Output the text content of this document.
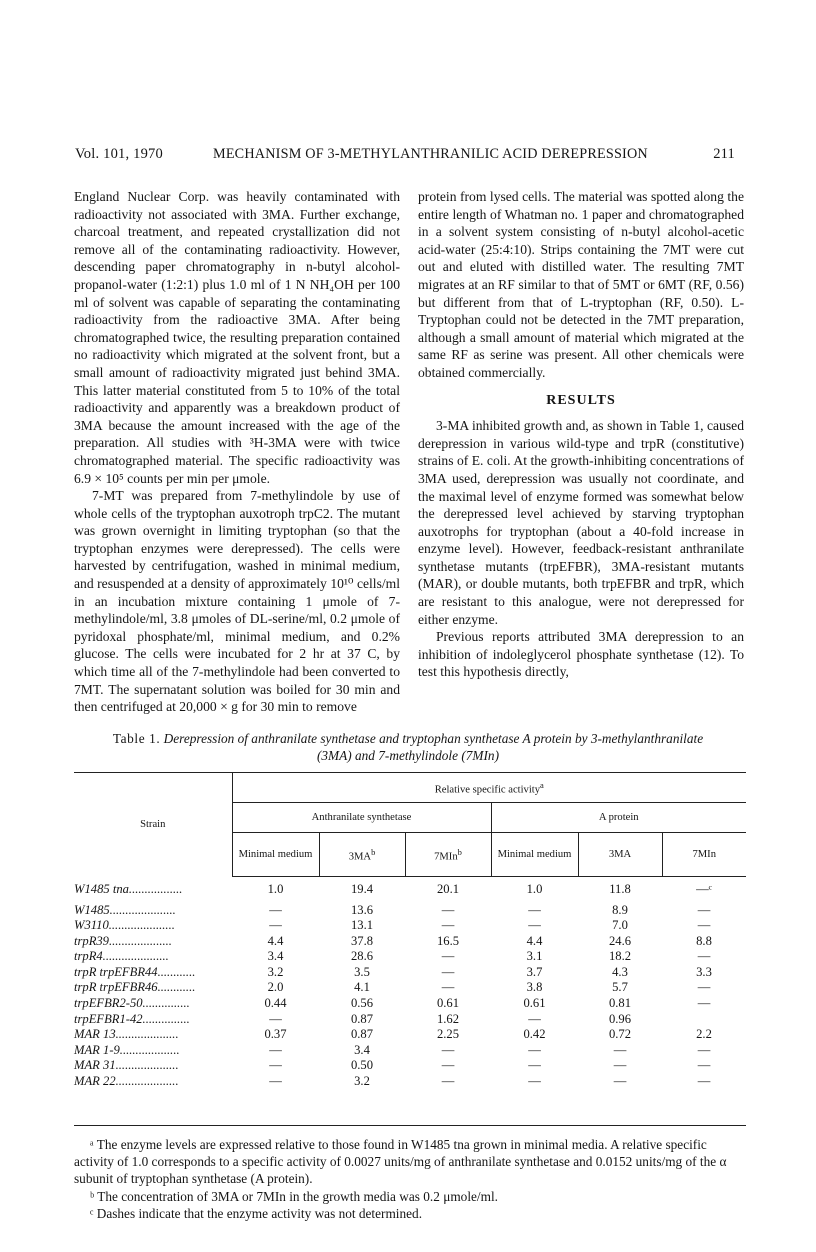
Vol. 101, 1970	MECHANISM OF 3-METHYLANTHRANILIC ACID DEREPRESSION	211

England Nuclear Corp. was heavily contaminated with radioactivity not associated with 3MA. Further exchange, charcoal treatment, and repeated crystallization did not remove all of the contaminating radioactivity. However, descending paper chromatography in n-butyl alcohol-propanol-water (1:2:1) plus 1.0 ml of 1 N NH₄OH per 100 ml of solvent was capable of separating the contaminating radioactivity from the radioactive 3MA. After being chromatographed twice, the resulting preparation contained no radioactivity which migrated at the solvent front, but a small amount of radioactivity migrated just behind 3MA. This latter material constituted from 5 to 10% of the total radioactivity and apparently was a breakdown product of 3MA because the amount increased with the age of the preparation. All studies with ³H-3MA were with twice chromatographed material. The specific radioactivity was 6.9 × 10⁵ counts per min per μmole.

7-MT was prepared from 7-methylindole by use of whole cells of the tryptophan auxotroph trpC2. The mutant was grown overnight in limiting tryptophan (so that the tryptophan enzymes were derepressed). The cells were harvested by centrifugation, washed in minimal medium, and resuspended at a density of approximately 10¹⁰ cells/ml in an incubation mixture containing 1 μmole of 7-methylindole/ml, 3.8 μmoles of DL-serine/ml, 0.2 μmole of pyridoxal phosphate/ml, minimal medium, and 0.2% glucose. The cells were incubated for 2 hr at 37 C, by which time all of the 7-methylindole had been converted to 7MT. The supernatant solution was boiled for 30 min and then centrifuged at 20,000 × g for 30 min to remove

protein from lysed cells. The material was spotted along the entire length of Whatman no. 1 paper and chromatographed in a solvent system consisting of n-butyl alcohol-acetic acid-water (25:4:10). Strips containing the 7MT were cut out and eluted with distilled water. The resulting 7MT migrates at an RF similar to that of 5MT or 6MT (RF, 0.56) but different from that of L-tryptophan (RF, 0.50). L-Tryptophan could not be detected in the 7MT preparation, although a small amount of material which migrated at the same RF as serine was present. All other chemicals were obtained commercially.

RESULTS

3-MA inhibited growth and, as shown in Table 1, caused derepression in various wild-type and trpR (constitutive) strains of E. coli. At the growth-inhibiting concentrations of 3MA used, derepression was usually not coordinate, and the maximal level of enzyme formed was somewhat below the derepressed level achieved by starving tryptophan auxotrophs for tryptophan (about a 40-fold increase in enzyme level). However, feedback-resistant anthranilate synthetase mutants (trpEFBR), 3MA-resistant mutants (MAR), or double mutants, both trpEFBR and trpR, which are resistant to this analogue, were not derepressed for either enzyme.

Previous reports attributed 3MA derepression to an inhibition of indoleglycerol phosphate synthetase (12). To test this hypothesis directly,

Table 1. Derepression of anthranilate synthetase and tryptophan synthetase A protein by 3-methylanthranilate (3MA) and 7-methylindole (7MIn)
Strain	Relative specific activity$^a$
	Anthranilate synthetase			A protein		
	Minimal medium	$3MA^b$	7MIn$^b$	Minimal medium	3MA	7MIn
W1485 tna.................	1.0	19.4	20.1	1.0	11.8	—ᶜ
W1485.....................	—	13.6	—	—	8.9	—
W3110.....................	—	13.1	—	—	7.0	—
trpR39....................	4.4	37.8	16.5	4.4	24.6	8.8
trpR4.....................	3.4	28.6	—	3.1	18.2	—
trpR trpEFBR44............	3.2	3.5	—	3.7	4.3	3.3
trpR trpEFBR46............	2.0	4.1	—	3.8	5.7	—
trpEFBR2-50...............	0.44	0.56	0.61	0.61	0.81	—
trpEFBR1-42...............	—	0.87	1.62	—	0.96	
MAR 13....................	0.37	0.87	2.25	0.42	0.72	2.2
MAR 1-9...................	—	3.4	—	—	—	—
MAR 31....................	—	0.50	—	—	—	—
MAR 22....................	—	3.2	—	—	—	—

ᵃ The enzyme levels are expressed relative to those found in W1485 tna grown in minimal media. A relative specific activity of 1.0 corresponds to a specific activity of 0.0027 units/mg of anthranilate synthetase and 0.0152 units/mg of the α subunit of tryptophan synthetase (A protein).

ᵇ The concentration of 3MA or 7MIn in the growth media was 0.2 μmole/ml.

ᶜ Dashes indicate that the enzyme activity was not determined.
